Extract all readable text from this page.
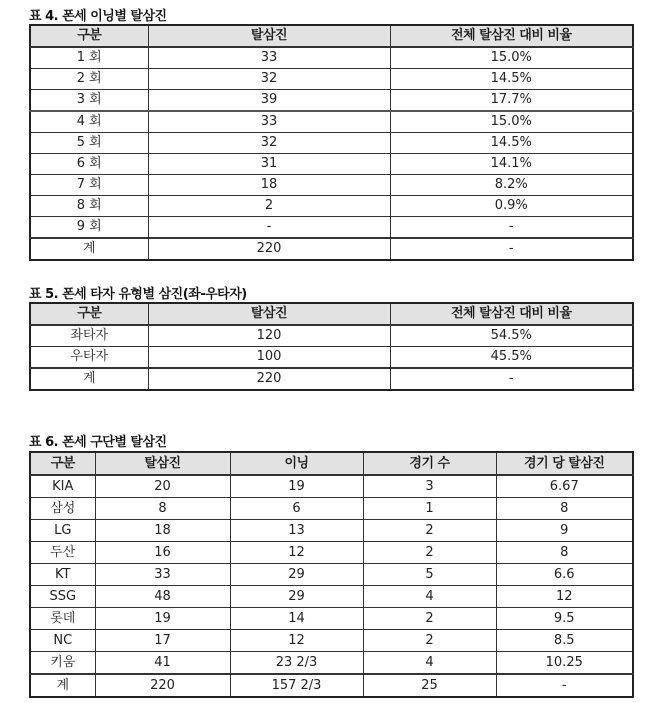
표 4. 폰세 이닝별 탈삼진
구분	탈삼진	전체 탈삼진 대비 비율
1 회	33	15.0%
2 회	32	14.5%
3 회	39	17.7%
4 회	33	15.0%
5 회	32	14.5%
6 회	31	14.1%
7 회	18	8.2%
8 회	2	0.9%
9 회	-	-
계	220	-
표 5. 폰세 타자 유형별 삼진(좌-우타자)
구분	탈삼진	전체 탈삼진 대비 비율
좌타자	120	54.5%
우타자	100	45.5%
계	220	-
표 6. 폰세 구단별 탈삼진
구분	탈삼진	이닝	경기 수	경기 당 탈삼진
KIA	20	19	3	6.67
삼성	8	6	1	8
LG	18	13	2	9
두산	16	12	2	8
KT	33	29	5	6.6
SSG	48	29	4	12
롯데	19	14	2	9.5
NC	17	12	2	8.5
키움	41	23 2/3	4	10.25
계	220	157 2/3	25	-
